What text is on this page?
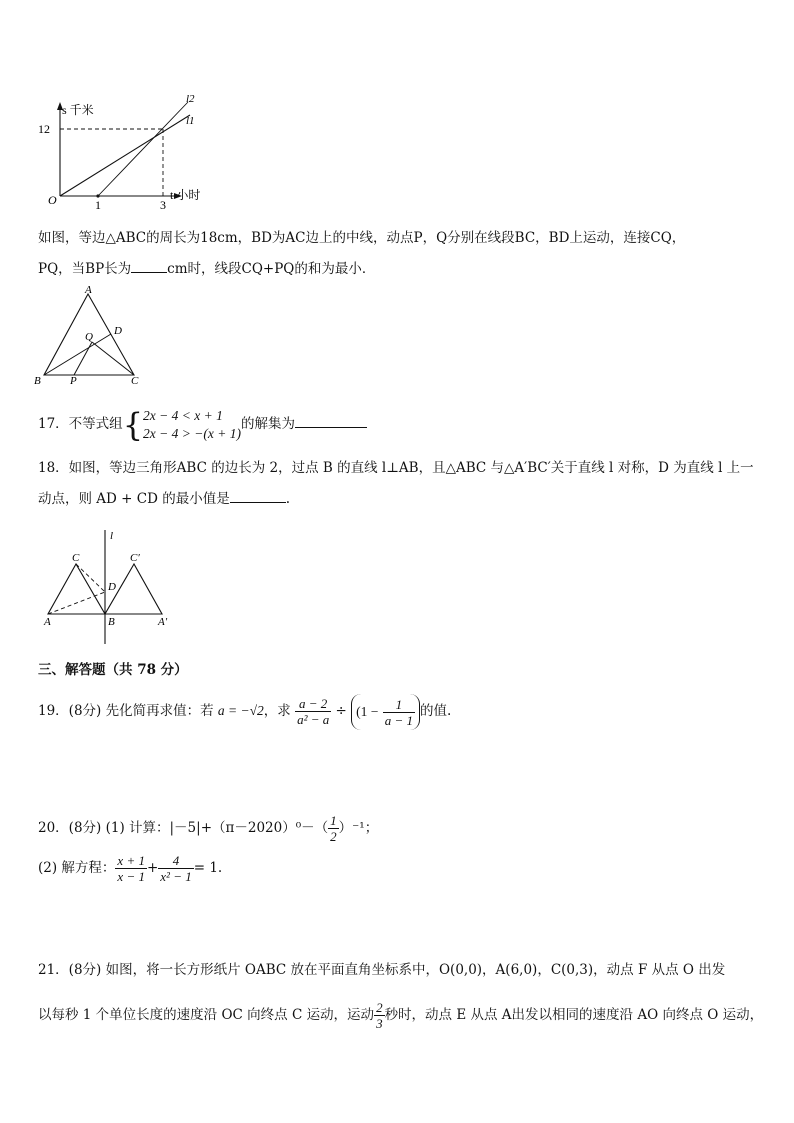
s 千米
t 小时
O
12
1	3
l2
l1
如图，等边△ABC的周长为18cm，BD为AC边上的中线，动点P，Q分别在线段BC，BD上运动，连接CQ，
PQ，当BP长为	cm时，线段CQ+PQ的和为最小．
A
B	C
D
P
Q
17．不等式组{ 2x − 4 < x + 1
2x − 4 > −(x + 1)
的解集为
18．如图，等边三角形ABC 的边长为 2，过点 B 的直线 l⊥AB，且△ABC 与△A′BC′关于直线 l 对称，D 为直线 l 上一
动点，则 AD + CD 的最小值是	.
l
C	C′
D
A	B	A′
三、解答题（共 78 分）
19．(8分) 先化简再求值：若 a = −√2，求 $\frac{a - 2}{\text{a² − a}} \div (1 - \frac{1}{a - 1}$ 的值.
20．(8分) (1) 计算：$|-5|+(\pi-2020)^0-( \frac{1}{2} )^{-1}$；
(2) 解方程： $\frac{x + 1}{x - 1} + \frac{4}{\text{x² − 1}} = 1$.
21．(8分) 如图，将一长方形纸片 OABC 放在平面直角坐标系中，O(0,0)，A(6,0)，C(0,3)，动点 F 从点 O 出发
以每秒 1 个单位长度的速度沿 OC 向终点 C 运动，运动 $\frac{2}{3}$ 秒时，动点 E 从点 A出发以相同的速度沿 AO 向终点 O 运动，
